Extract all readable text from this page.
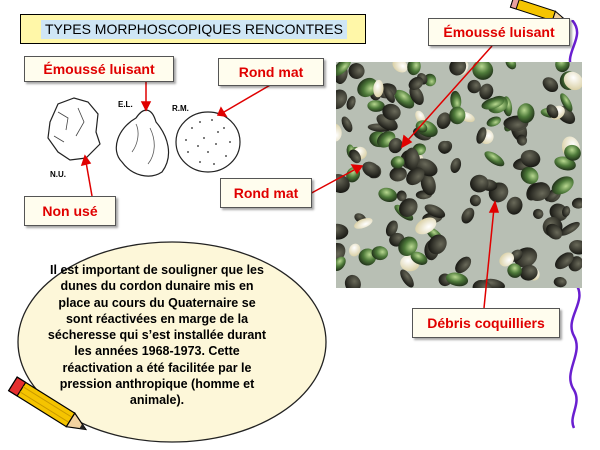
TYPES MORPHOSCOPIQUES RENCONTRES
N.U.
E.L.	R.M.
Émoussé luisant	Rond mat
Non usé
Émoussé luisant
Rond mat
Débris coquilliers
Il est important de souligner que les dunes du cordon dunaire mis en place au cours du Quaternaire se sont réactivées en marge de la sécheresse qui s’est installée durant les années 1968-1973. Cette réactivation a été facilitée par le pression anthropique (homme et animale).
